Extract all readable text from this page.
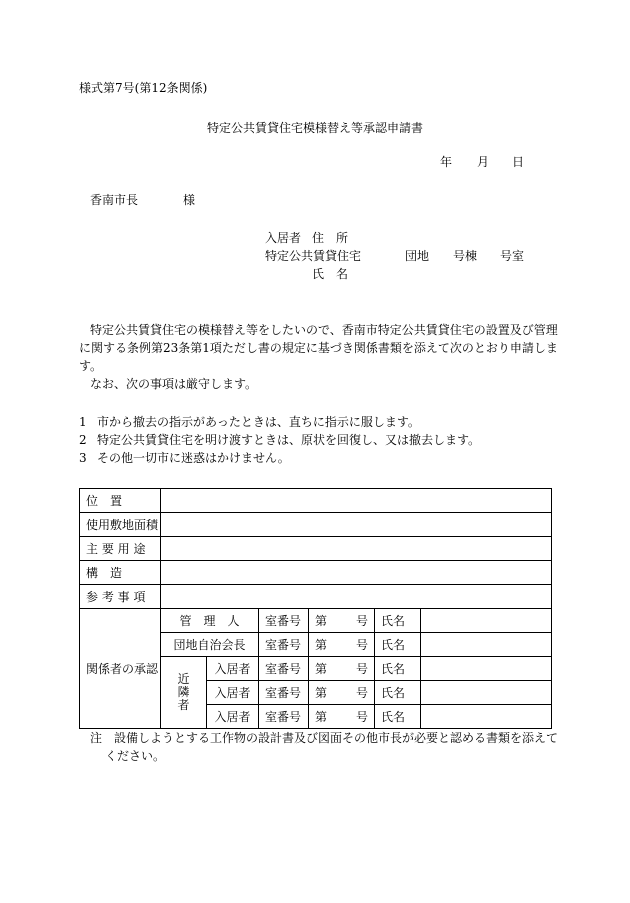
様式第7号(第12条関係)
特定公共賃貸住宅模様替え等承認申請書
年 月 日
香南市長	様
入居者 住　所
特定公共賃貸住宅	団地 号棟 号室
氏　名
特定公共賃貸住宅の模様替え等をしたいので、香南市特定公共賃貸住宅の設置及び管理
に関する条例第23条第1項ただし書の規定に基づき関係書類を添えて次のとおり申請しま
す。
なお、次の事項は厳守します。
1 市から撤去の指示があったときは、直ちに指示に服します。
2 特定公共賃貸住宅を明け渡すときは、原状を回復し、又は撤去します。
3 その他一切市に迷惑はかけません。
位　置						
使用敷地面積						
主 要 用 途						
構　造						
参 考 事 項						
関係者の承認	管　理　人		室番号	第 号	氏名	
	団地自治会長		室番号	第 号	氏名	

	近隣者	入居者	室番号	第 号	氏名	
		入居者	室番号	第 号	氏名	
		入居者	室番号	第 号	氏名	
注　 設備しようとする工作物の設計書及び図面その他市長が必要と認める書類を添えて
ください。
